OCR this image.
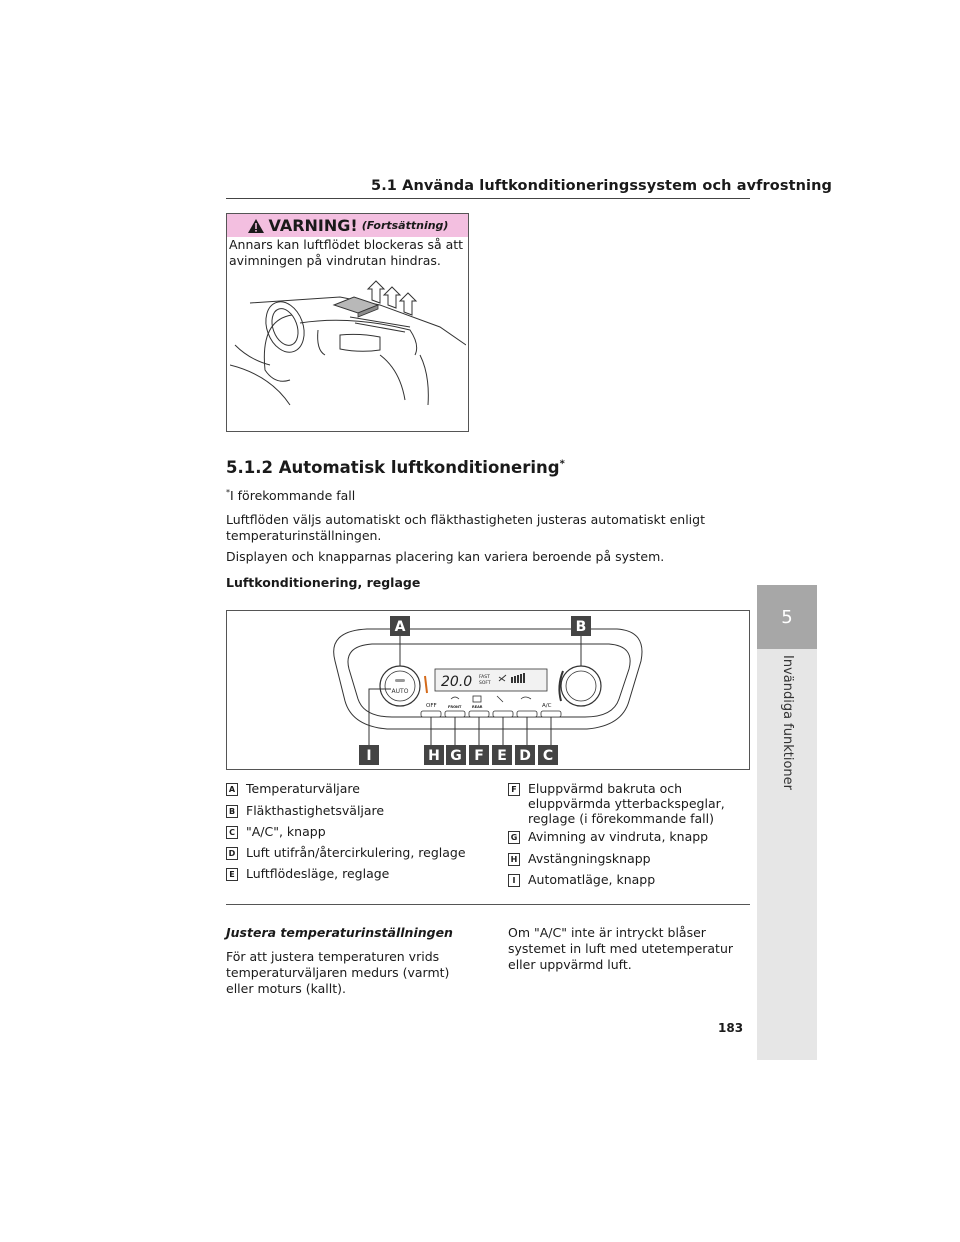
5.1 Använda luftkonditioneringssystem och avfrostning
5
Invändiga funktioner
VARNING! (Fortsättning)
Annars kan luftflödet blockeras så att avimningen på vindrutan hindras.
5.1.2 Automatisk luftkonditionering*
*I förekommande fall
Luftflöden väljs automatiskt och fläkthastigheten justeras automatiskt enligt temperaturinställningen.
Displayen och knapparnas placering kan variera beroende på system.
Luftkonditionering, reglage
AUTO
20.0 FAST
SOFT
OFF	FRONT	REAR	A/C
A	B
I	H G F E D C
A Temperaturväljare
B Fläkthastighetsväljare
C "A/C", knapp
D Luft utifrån/återcirkulering, reglage
E Luftflödesläge, reglage
F Eluppvärmd bakruta och eluppvärmda ytterbackspeglar, reglage (i förekommande fall)
G Avimning av vindruta, knapp
H Avstängningsknapp
I	Automatläge, knapp
Justera temperaturinställningen
För att justera temperaturen vrids temperaturväljaren medurs (varmt) eller moturs (kallt).
Om "A/C" inte är intryckt blåser systemet in luft med utetemperatur eller uppvärmd luft.
183
